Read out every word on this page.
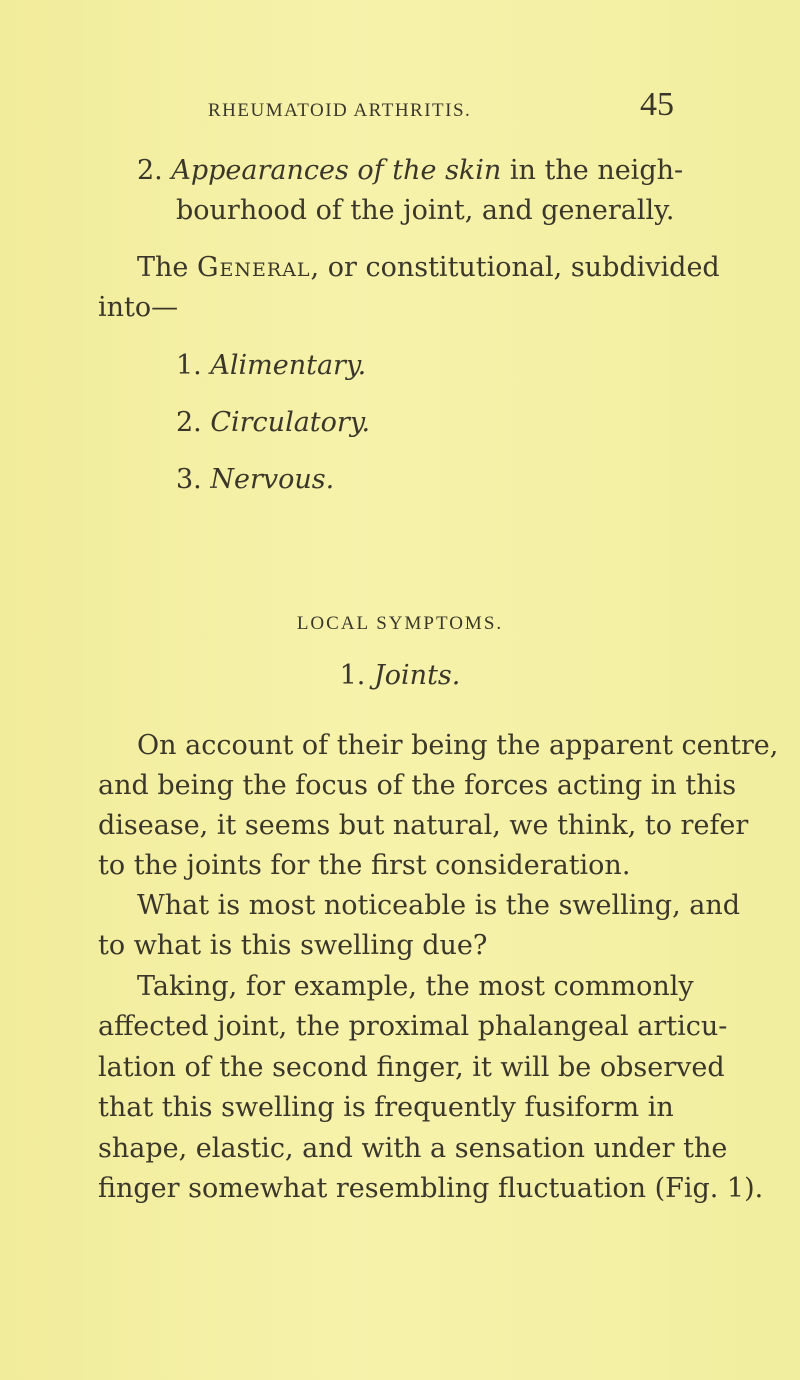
RHEUMATOID ARTHRITIS.	45
2. Appearances of the skin in the neigh-
bourhood of the joint, and generally.
The General, or constitutional, subdivided
into—
1. Alimentary.
2. Circulatory.
3. Nervous.
LOCAL SYMPTOMS.
1. Joints.
On account of their being the apparent centre,
and being the focus of the forces acting in this
disease, it seems but natural, we think, to refer
to the joints for the first consideration.
What is most noticeable is the swelling, and
to what is this swelling due?
Taking, for example, the most commonly
affected joint, the proximal phalangeal articu-
lation of the second finger, it will be observed
that this swelling is frequently fusiform in
shape, elastic, and with a sensation under the
finger somewhat resembling fluctuation (Fig. 1).
